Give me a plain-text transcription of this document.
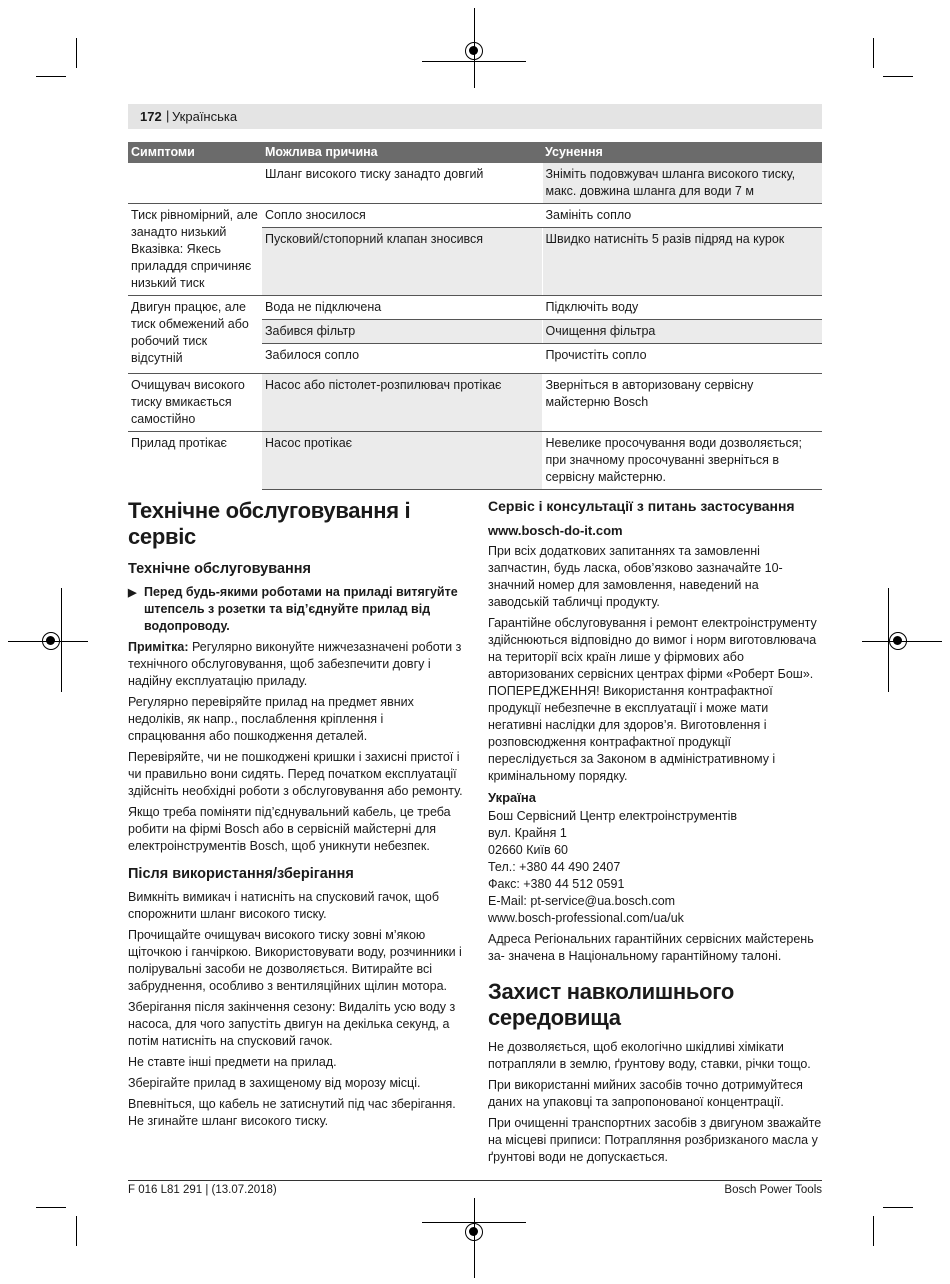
172 | Українська
Симптоми	Можлива причина	Усунення
	Шланг високого тиску занадто довгий	Зніміть подовжувач шланга високого тиску, макс. довжина шланга для води 7 м
Тиск рівномірний, але занадто низький Вказівка: Якесь приладдя спричиняє низький тиск	Сопло зносилося	Замініть сопло
	Пусковий/стопорний клапан зносився	Швидко натисніть 5 разів підряд на курок
Двигун працює, але тиск обмежений або робочий тиск відсутній	Вода не підключена	Підключіть воду
	Забився фільтр	Очищення фільтра
	Забилося сопло	Прочистіть сопло
Очищувач високого тиску вмикається самостійно	Насос або пістолет-розпилювач протікає	Зверніться в авторизовану сервісну майстерню Bosch
Прилад протікає	Насос протікає	Невелике просочування води дозволяється; при значному просочуванні зверніться в сервісну майстерню.
Технічне обслуговування і сервіс
Технічне обслуговування
▶ Перед будь-якими роботами на приладі витягуйте штепсель з розетки та від’єднуйте прилад від водопроводу.
Примітка: Регулярно виконуйте нижчезазначені роботи з технічного обслуговування, щоб забезпечити довгу і надійну експлуатацію приладу.
Регулярно перевіряйте прилад на предмет явних недоліків, як напр., послаблення кріплення і спрацювання або пошкодження деталей.
Перевіряйте, чи не пошкоджені кришки і захисні пристої і чи правильно вони сидять. Перед початком експлуатації здійсніть необхідні роботи з обслуговування або ремонту.
Якщо треба поміняти під’єднувальний кабель, це треба робити на фірмі Bosch або в сервісній майстерні для електроінструментів Bosch, щоб уникнути небезпек.
Після використання/зберігання
Вимкніть вимикач і натисніть на спусковий гачок, щоб спорожнити шланг високого тиску.
Прочищайте очищувач високого тиску зовні м’якою щіточкою і ганчіркою. Використовувати воду, розчинники і полірувальні засоби не дозволяється. Витирайте всі забруднення, особливо з вентиляційних щілин мотора.
Зберігання після закінчення сезону: Видаліть усю воду з насоса, для чого запустіть двигун на декілька секунд, а потім натисніть на спусковий гачок.
Не ставте інші предмети на прилад.
Зберігайте прилад в захищеному від морозу місці.
Впевніться, що кабель не затиснутий під час зберігання. Не згинайте шланг високого тиску.
Сервіс і консультації з питань застосування
www.bosch-do-it.com
При всіх додаткових запитаннях та замовленні запчастин, будь ласка, обов’язково зазначайте 10-значний номер для замовлення, наведений на заводській табличці продукту.
Гарантійне обслуговування і ремонт електроінструменту здійснюються відповідно до вимог і норм виготовлювача на території всіх країн лише у фірмових або авторизованих сервісних центрах фірми «Роберт Бош». ПОПЕРЕДЖЕННЯ! Використання контрафактної продукції небезпечне в експлуатації і може мати негативні наслідки для здоров’я. Виготовлення і розповсюдження контрафактної продукції переслідується за Законом в адміністративному і кримінальному порядку.
Україна
Бош Сервісний Центр електроінструментів
вул. Крайня 1
02660 Київ 60
Тел.: +380 44 490 2407
Факс: +380 44 512 0591
E-Mail: pt-service@ua.bosch.com
www.bosch-professional.com/ua/uk
Адреса Регіональних гарантійних сервісних майстерень за- значена в Національному гарантійному талоні.
Захист навколишнього
середовища
Не дозволяється, щоб екологічно шкідливі хімікати потрапляли в землю, ґрунтову воду, ставки, річки тощо.
При використанні мийних засобів точно дотримуйтеся даних на упаковці та запропонованої концентрації.
При очищенні транспортних засобів з двигуном зважайте на місцеві приписи: Потрапляння розбризканого масла у ґрунтові води не допускається.
F 016 L81 291 | (13.07.2018)	Bosch Power Tools
